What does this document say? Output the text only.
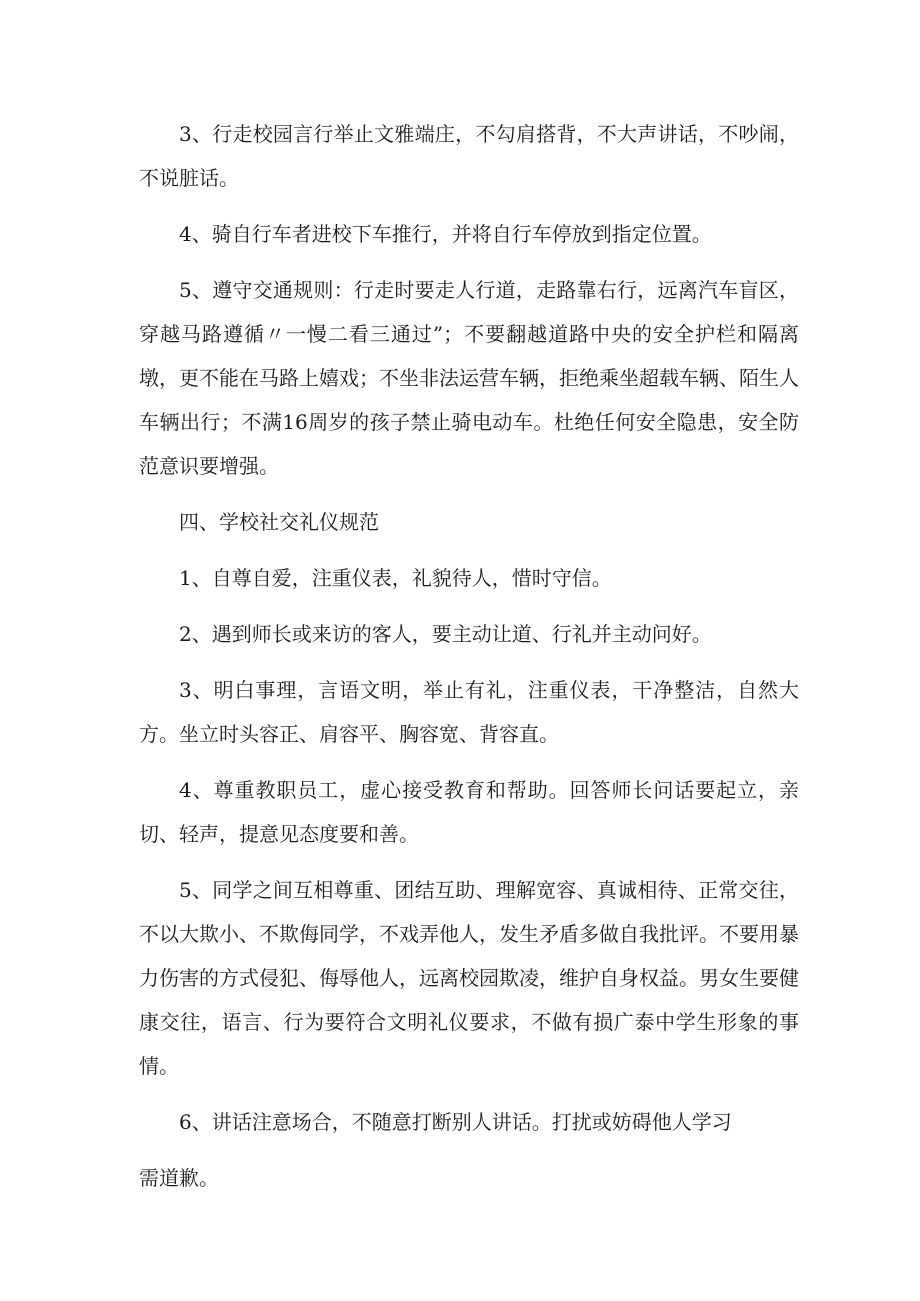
3、行走校园言行举止文雅端庄，不勾肩搭背，不大声讲话，不吵闹，不说脏话。

4、骑自行车者进校下车推行，并将自行车停放到指定位置。

5、遵守交通规则：行走时要走人行道，走路靠右行，远离汽车盲区，穿越马路遵循〃一慢二看三通过”；不要翻越道路中央的安全护栏和隔离墩，更不能在马路上嬉戏；不坐非法运营车辆，拒绝乘坐超载车辆、陌生人车辆出行；不满16周岁的孩子禁止骑电动车。杜绝任何安全隐患，安全防范意识要增强。

四、学校社交礼仪规范

1、自尊自爱，注重仪表，礼貌待人，惜时守信。

2、遇到师长或来访的客人，要主动让道、行礼并主动问好。

3、明白事理，言语文明，举止有礼，注重仪表，干净整洁，自然大方。坐立时头容正、肩容平、胸容宽、背容直。

4、尊重教职员工，虚心接受教育和帮助。回答师长问话要起立，亲切、轻声，提意见态度要和善。

5、同学之间互相尊重、团结互助、理解宽容、真诚相待、正常交往，不以大欺小、不欺侮同学，不戏弄他人，发生矛盾多做自我批评。不要用暴力伤害的方式侵犯、侮辱他人，远离校园欺凌，维护自身权益。男女生要健康交往，语言、行为要符合文明礼仪要求，不做有损广泰中学生形象的事情。

6、讲话注意场合，不随意打断别人讲话。打扰或妨碍他人学习

需道歉。
